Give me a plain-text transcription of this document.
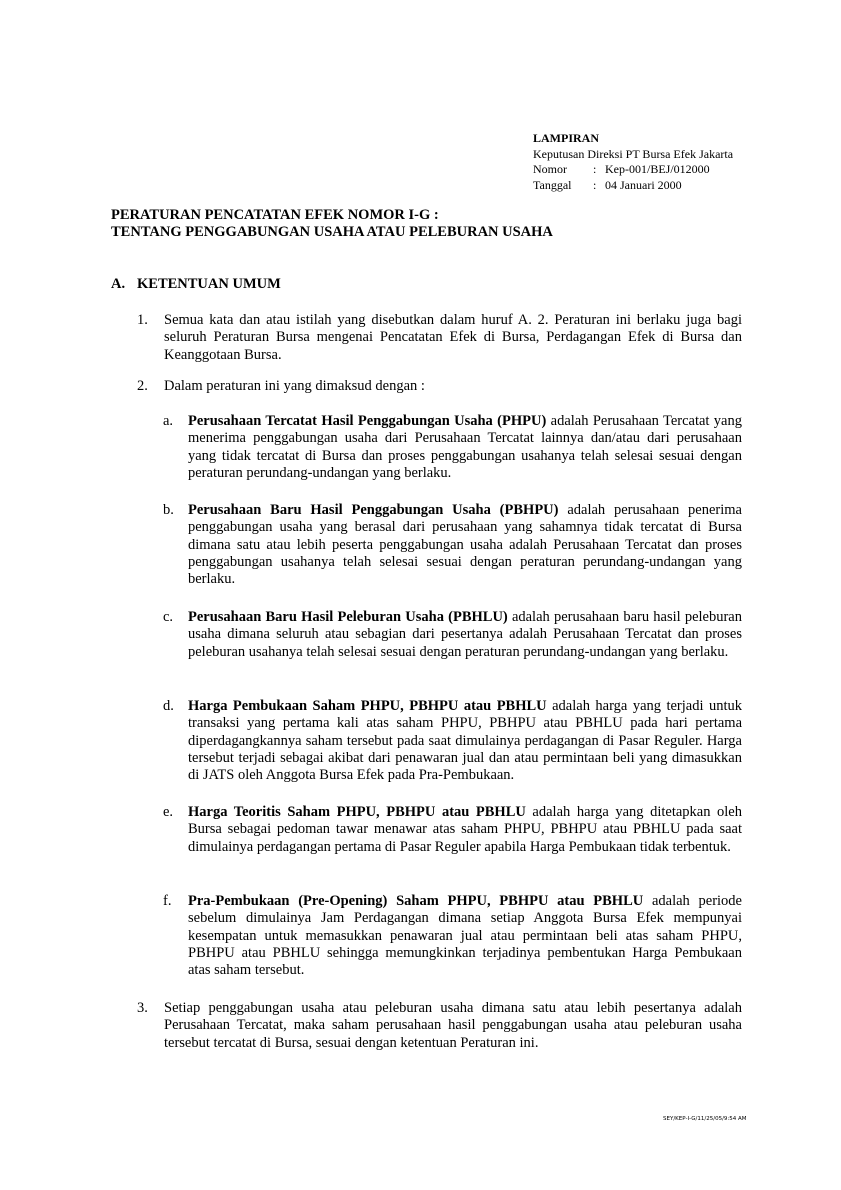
LAMPIRAN
Keputusan Direksi PT Bursa Efek Jakarta
Nomor	: Kep-001/BEJ/012000
Tanggal	: 04 Januari 2000
PERATURAN PENCATATAN EFEK NOMOR I-G :
TENTANG PENGGABUNGAN USAHA ATAU PELEBURAN USAHA
A. KETENTUAN UMUM
1.	Semua kata dan atau istilah yang disebutkan dalam huruf A. 2. Peraturan ini berlaku juga bagi seluruh Peraturan Bursa mengenai Pencatatan Efek di Bursa, Perdagangan Efek di Bursa dan Keanggotaan Bursa.
2.	Dalam peraturan ini yang dimaksud dengan :
a.	Perusahaan Tercatat Hasil Penggabungan Usaha (PHPU) adalah Perusahaan Tercatat yang menerima penggabungan usaha dari Perusahaan Tercatat lainnya dan/atau dari perusahaan yang tidak tercatat di Bursa dan proses penggabungan usahanya telah selesai sesuai dengan peraturan perundang-undangan yang berlaku.
b. Perusahaan Baru Hasil Penggabungan Usaha (PBHPU) adalah perusahaan penerima penggabungan usaha yang berasal dari perusahaan yang sahamnya tidak tercatat di Bursa dimana satu atau lebih peserta penggabungan usaha adalah Perusahaan Tercatat dan proses penggabungan usahanya telah selesai sesuai dengan peraturan perundang-undangan yang berlaku.
c.	Perusahaan Baru Hasil Peleburan Usaha (PBHLU) adalah perusahaan baru hasil peleburan usaha dimana seluruh atau sebagian dari pesertanya adalah Perusahaan Tercatat dan proses peleburan usahanya telah selesai sesuai dengan peraturan perundang-undangan yang berlaku.
d. Harga Pembukaan Saham PHPU, PBHPU atau PBHLU adalah harga yang terjadi untuk transaksi yang pertama kali atas saham PHPU, PBHPU atau PBHLU pada hari pertama diperdagangkannya saham tersebut pada saat dimulainya perdagangan di Pasar Reguler. Harga tersebut terjadi sebagai akibat dari penawaran jual dan atau permintaan beli yang dimasukkan di JATS oleh Anggota Bursa Efek pada Pra-Pembukaan.
e.	Harga Teoritis Saham PHPU, PBHPU atau PBHLU adalah harga yang ditetapkan oleh Bursa sebagai pedoman tawar menawar atas saham PHPU, PBHPU atau PBHLU pada saat dimulainya perdagangan pertama di Pasar Reguler apabila Harga Pembukaan tidak terbentuk.
f.	Pra-Pembukaan (Pre-Opening) Saham PHPU, PBHPU atau PBHLU adalah periode sebelum dimulainya Jam Perdagangan dimana setiap Anggota Bursa Efek mempunyai kesempatan untuk memasukkan penawaran jual atau permintaan beli atas saham PHPU, PBHPU atau PBHLU sehingga memungkinkan terjadinya pembentukan Harga Pembukaan atas saham tersebut.
3.	Setiap penggabungan usaha atau peleburan usaha dimana satu atau lebih pesertanya adalah Perusahaan Tercatat, maka saham perusahaan hasil penggabungan usaha atau peleburan usaha tersebut tercatat di Bursa, sesuai dengan ketentuan Peraturan ini.
SEY/KEP-I-G/11/25/05/9:54 AM
